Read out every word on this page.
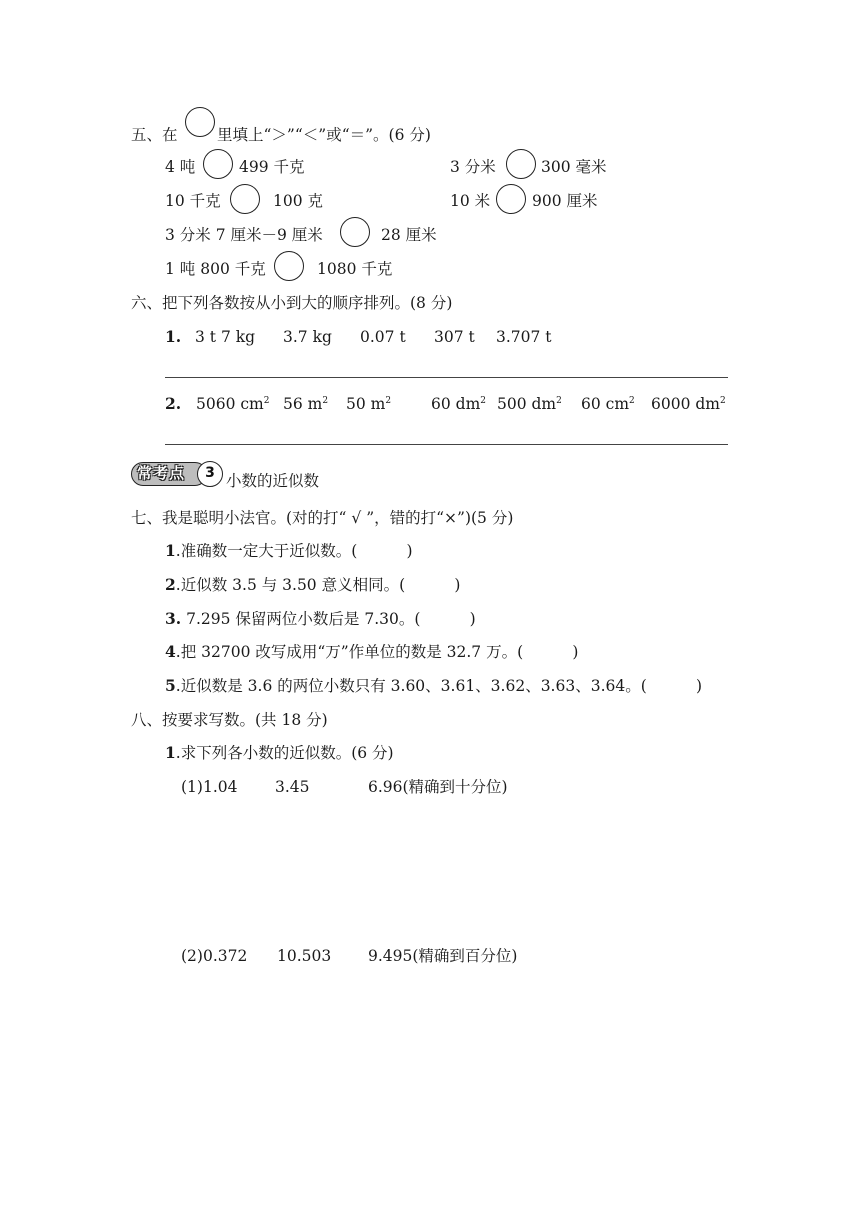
五、在	里填上“＞”“＜”或“＝”。(6 分)
4 吨	499 千克	3 分米	300 毫米
10 千克	100 克	10 米	900 厘米
3 分米 7 厘米－9 厘米	28 厘米
1 吨 800 千克	1080 千克
六、把下列各数按从小到大的顺序排列。(8 分)
1. 3 t 7 kg 3.7 kg 0.07 t 307 t 3.707 t
2. 5060 $cm^2$ 56 $m^2$ 50 $m^2$	60 $dm^2$ 500 $dm^2$ 60 $cm^2$ 6000 $dm^2$
常考点	3 小数的近似数
七、我是聪明小法官。(对的打“ √ ”，错的打“×”)(5 分)
1.准确数一定大于近似数。(          )
2.近似数 3.5 与 3.50 意义相同。(          )
3. 7.295 保留两位小数后是 7.30。(          )
4.把 32700 改写成用“万”作单位的数是 32.7 万。(          )
5.近似数是 3.6 的两位小数只有 3.60、3.61、3.62、3.63、3.64。(          )
八、按要求写数。(共 18 分)
1.求下列各小数的近似数。(6 分)
(1)1.04 3.45	6.96(精确到十分位)
(2)0.372 10.503 9.495(精确到百分位)
